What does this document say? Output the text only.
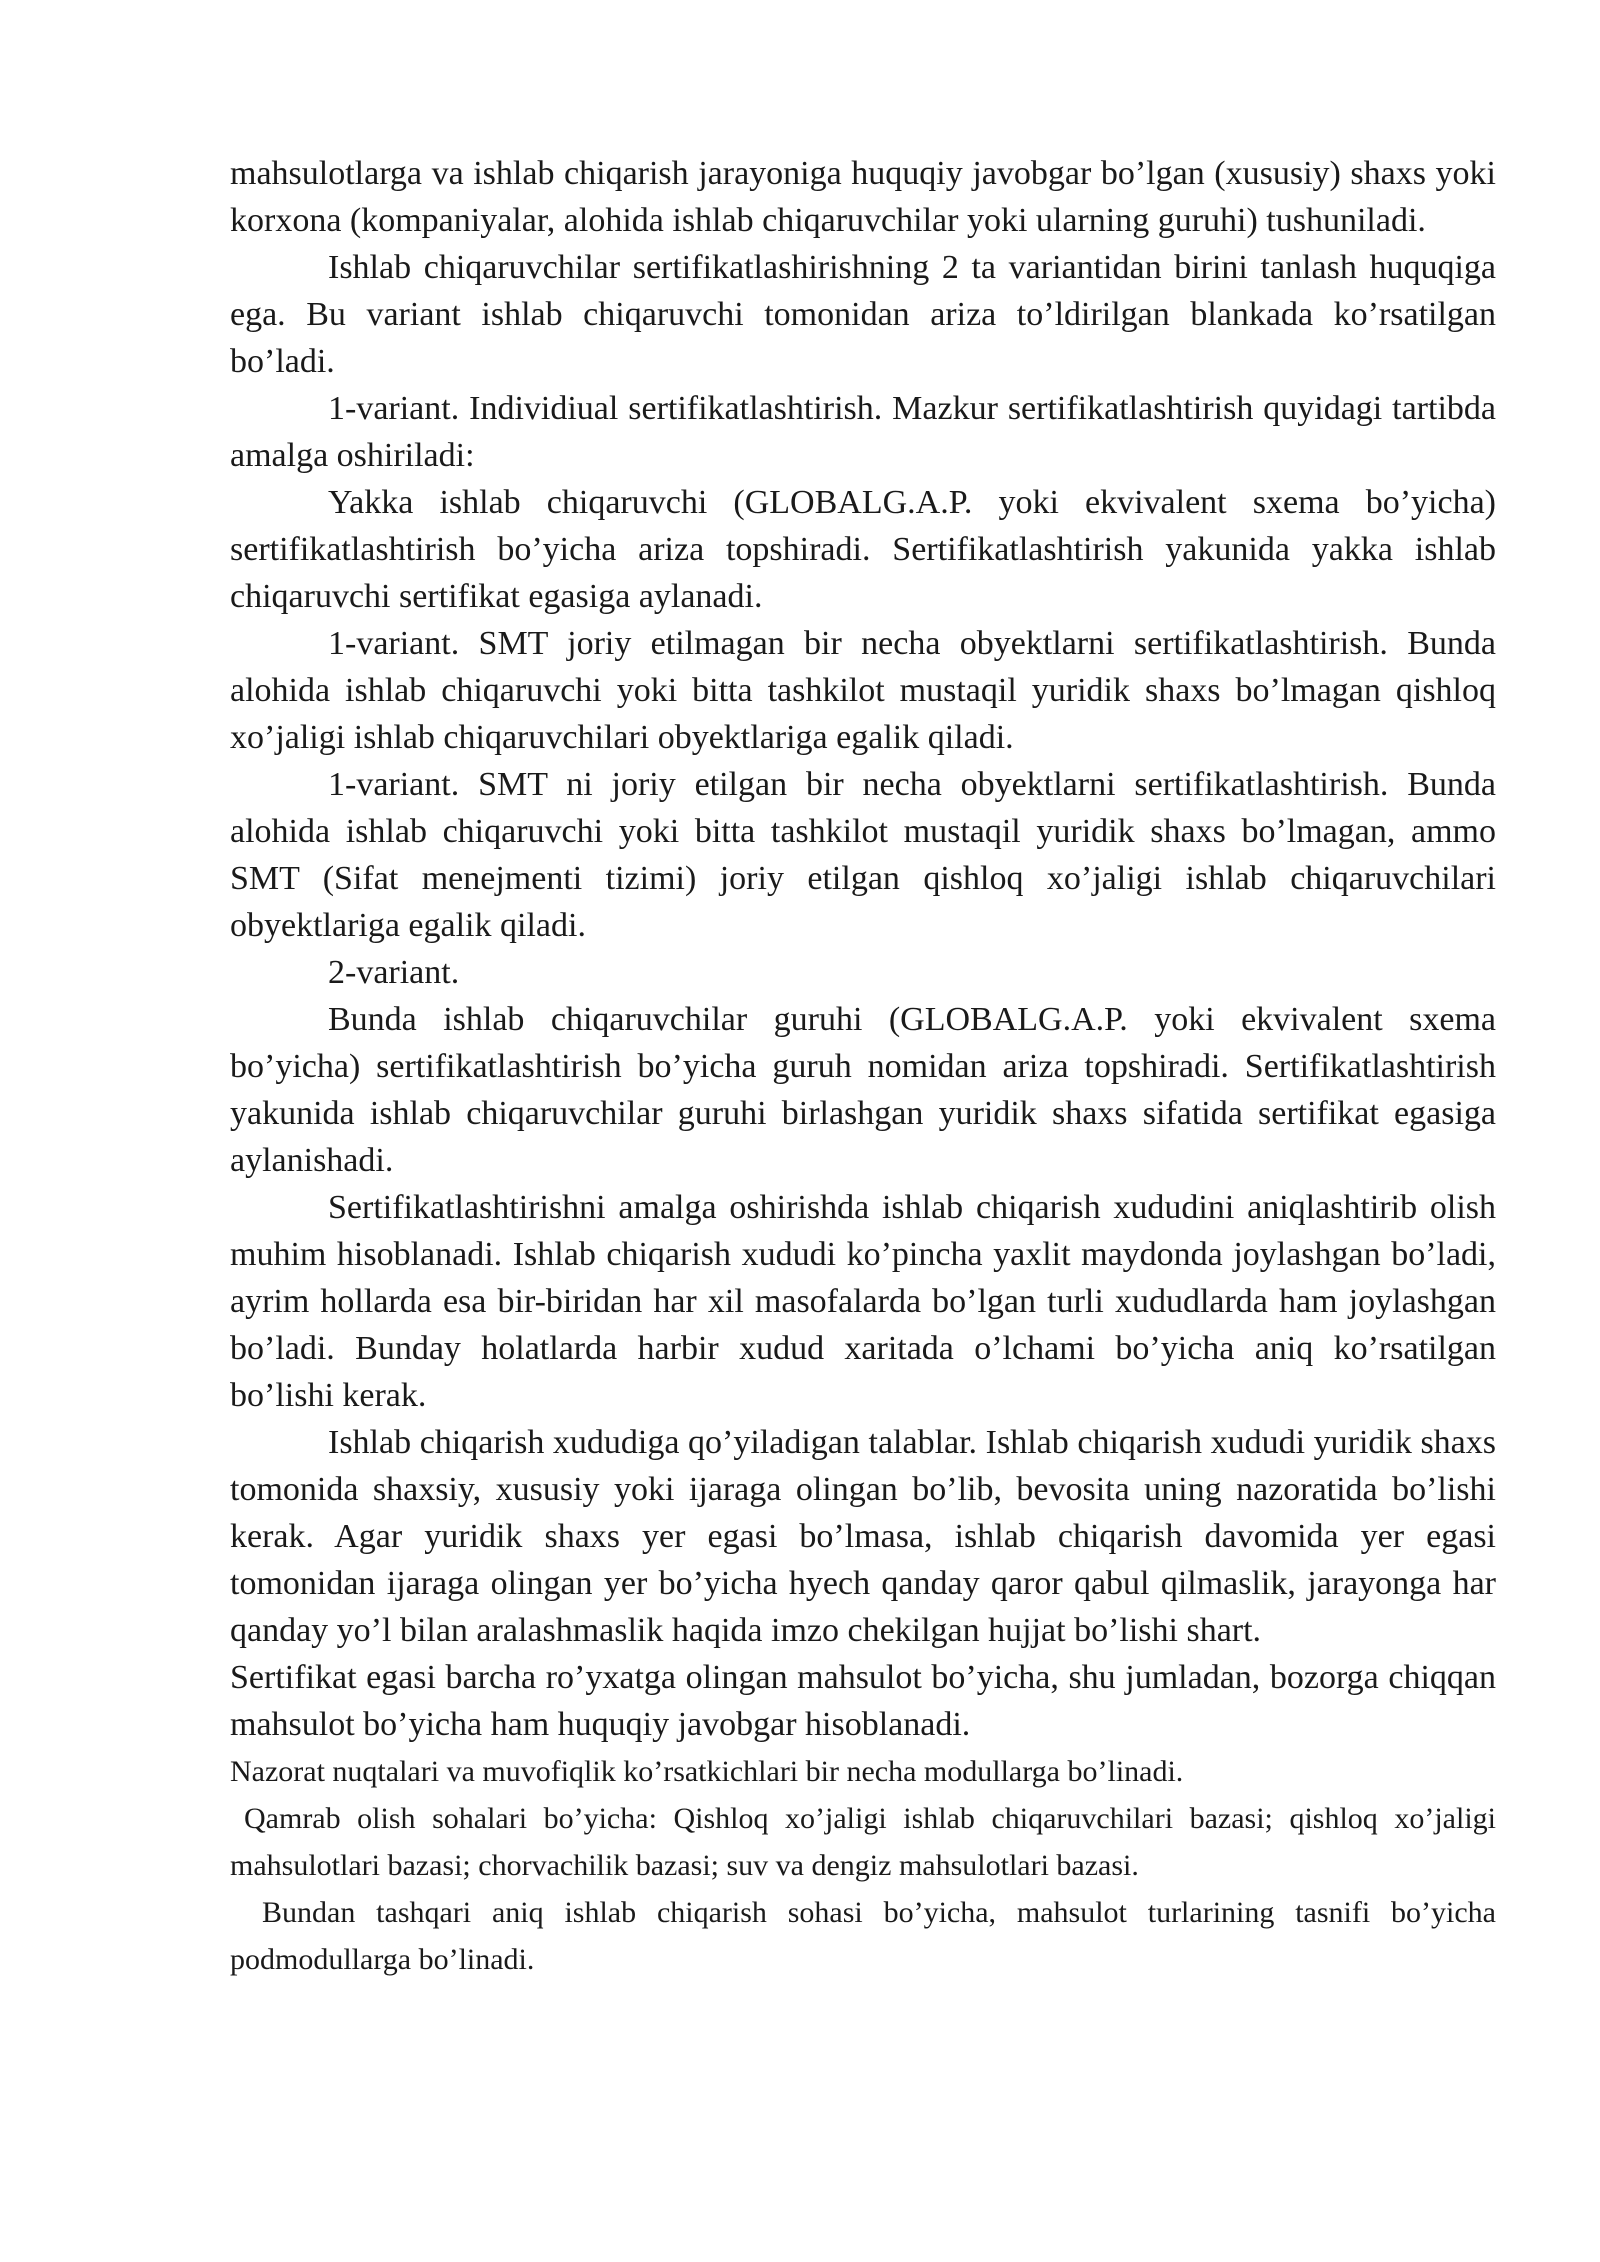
mahsulotlarga va ishlab chiqarish jarayoniga huquqiy javobgar bo’lgan (xususiy) shaxs yoki korxona (kompaniyalar, alohida ishlab chiqaruvchilar yoki ularning guruhi) tushuniladi.

Ishlab chiqaruvchilar sertifikatlashirishning 2 ta variantidan birini tanlash huquqiga ega. Bu variant ishlab chiqaruvchi tomonidan ariza to’ldirilgan blankada ko’rsatilgan bo’ladi.

1-variant. Individiual sertifikatlashtirish. Mazkur sertifikatlashtirish quyidagi tartibda amalga oshiriladi:

Yakka ishlab chiqaruvchi (GLOBALG.A.P. yoki ekvivalent sxema bo’yicha) sertifikatlashtirish bo’yicha ariza topshiradi. Sertifikatlashtirish yakunida yakka ishlab chiqaruvchi sertifikat egasiga aylanadi.

1-variant. SMT joriy etilmagan bir necha obyektlarni sertifikatlashtirish. Bunda alohida ishlab chiqaruvchi yoki bitta tashkilot mustaqil yuridik shaxs bo’lmagan qishloq xo’jaligi ishlab chiqaruvchilari obyektlariga egalik qiladi.

1-variant. SMT ni joriy etilgan bir necha obyektlarni sertifikatlashtirish. Bunda alohida ishlab chiqaruvchi yoki bitta tashkilot mustaqil yuridik shaxs bo’lmagan, ammo SMT (Sifat menejmenti tizimi) joriy etilgan qishloq xo’jaligi ishlab chiqaruvchilari obyektlariga egalik qiladi.

2-variant.

Bunda ishlab chiqaruvchilar guruhi (GLOBALG.A.P. yoki ekvivalent sxema bo’yicha) sertifikatlashtirish bo’yicha guruh nomidan ariza topshiradi. Sertifikatlashtirish yakunida ishlab chiqaruvchilar guruhi birlashgan yuridik shaxs sifatida sertifikat egasiga aylanishadi.

Sertifikatlashtirishni amalga oshirishda ishlab chiqarish xududini aniqlashtirib olish muhim hisoblanadi. Ishlab chiqarish xududi ko’pincha yaxlit maydonda joylashgan bo’ladi, ayrim hollarda esa bir-biridan har xil masofalarda bo’lgan turli xududlarda ham joylashgan bo’ladi. Bunday holatlarda harbir xudud xaritada o’lchami bo’yicha aniq ko’rsatilgan bo’lishi kerak.

Ishlab chiqarish xududiga qo’yiladigan talablar. Ishlab chiqarish xududi yuridik shaxs tomonida shaxsiy, xususiy yoki ijaraga olingan bo’lib, bevosita uning nazoratida bo’lishi kerak. Agar yuridik shaxs yer egasi bo’lmasa, ishlab chiqarish davomida yer egasi tomonidan ijaraga olingan yer bo’yicha hyech qanday qaror qabul qilmaslik, jarayonga har qanday yo’l bilan aralashmaslik haqida imzo chekilgan hujjat bo’lishi shart.

Sertifikat egasi barcha ro’yxatga olingan mahsulot bo’yicha, shu jumladan, bozorga chiqqan mahsulot bo’yicha ham huquqiy javobgar hisoblanadi.

Nazorat nuqtalari va muvofiqlik ko’rsatkichlari bir necha modullarga bo’linadi.

Qamrab olish sohalari bo’yicha: Qishloq xo’jaligi ishlab chiqaruvchilari bazasi; qishloq xo’jaligi mahsulotlari bazasi; chorvachilik bazasi; suv va dengiz mahsulotlari bazasi.

Bundan tashqari aniq ishlab chiqarish sohasi bo’yicha, mahsulot turlarining tasnifi bo’yicha podmodullarga bo’linadi.
